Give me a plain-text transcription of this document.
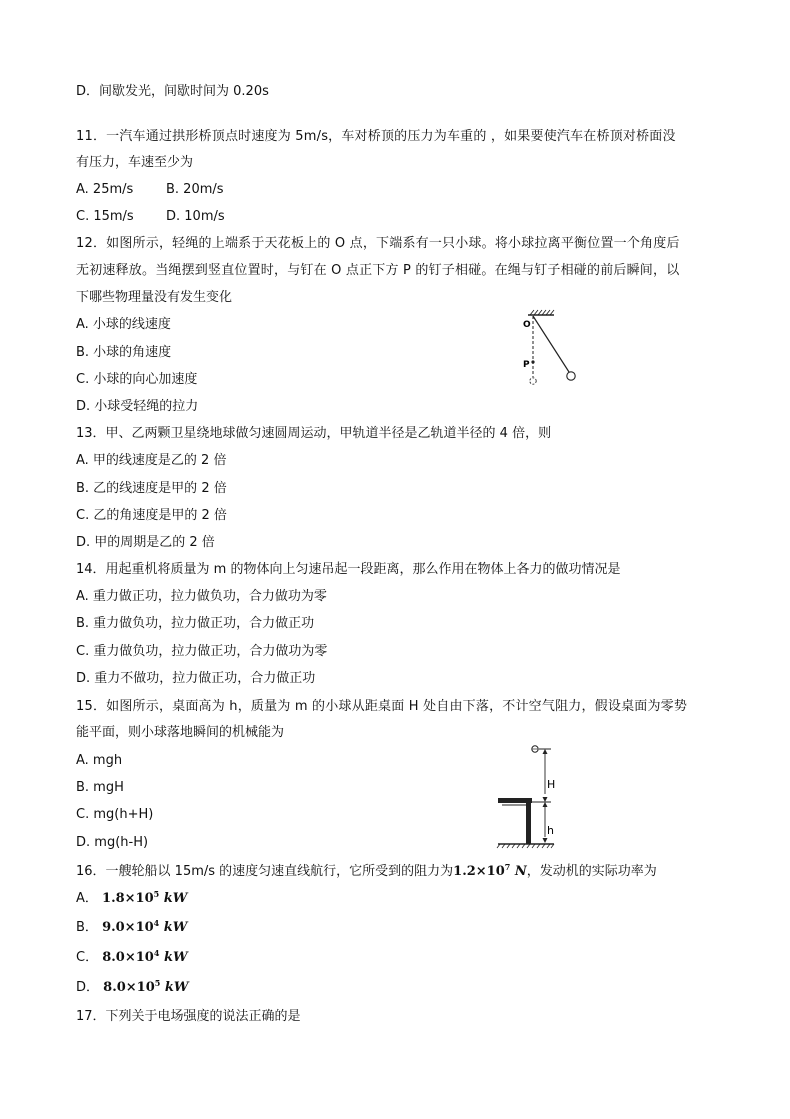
D．间歇发光，间歇时间为 0.20s
11．一汽车通过拱形桥顶点时速度为 5m/s，车对桥顶的压力为车重的 ，如果要使汽车在桥顶对桥面没
有压力，车速至少为
A. 25m/s	B. 20m/s
C. 15m/s D. 10m/s
12．如图所示，轻绳的上端系于天花板上的 O 点，下端系有一只小球。将小球拉离平衡位置一个角度后
无初速释放。当绳摆到竖直位置时，与钉在 O 点正下方 P 的钉子相碰。在绳与钉子相碰的前后瞬间，以
下哪些物理量没有发生变化
A. 小球的线速度
B. 小球的角速度
C. 小球的向心加速度
D. 小球受轻绳的拉力
O
P
13．甲、乙两颗卫星绕地球做匀速圆周运动，甲轨道半径是乙轨道半径的 4 倍，则
A. 甲的线速度是乙的 2 倍
B. 乙的线速度是甲的 2 倍
C. 乙的角速度是甲的 2 倍
D. 甲的周期是乙的 2 倍
14．用起重机将质量为 m 的物体向上匀速吊起一段距离，那么作用在物体上各力的做功情况是
A. 重力做正功，拉力做负功，合力做功为零
B. 重力做负功，拉力做正功，合力做正功
C. 重力做负功，拉力做正功，合力做功为零
D. 重力不做功，拉力做正功，合力做正功
15．如图所示，桌面高为 h，质量为 m 的小球从距桌面 H 处自由下落，不计空气阻力，假设桌面为零势
能平面，则小球落地瞬间的机械能为
A. mgh
B. mgH
C. mg(h+H)
D. mg(h-H)
H
h
16．一艘轮船以 15m/s 的速度匀速直线航行，它所受到的阻力为$1.2\times 10^7$ N，发动机的实际功率为
A． $1.8\times 10^5$ kW
B． $9.0\times 10^4$ kW
C． $8.0\times 10^4$ kW
D． $8.0\times 10^5$ kW
17．下列关于电场强度的说法正确的是
